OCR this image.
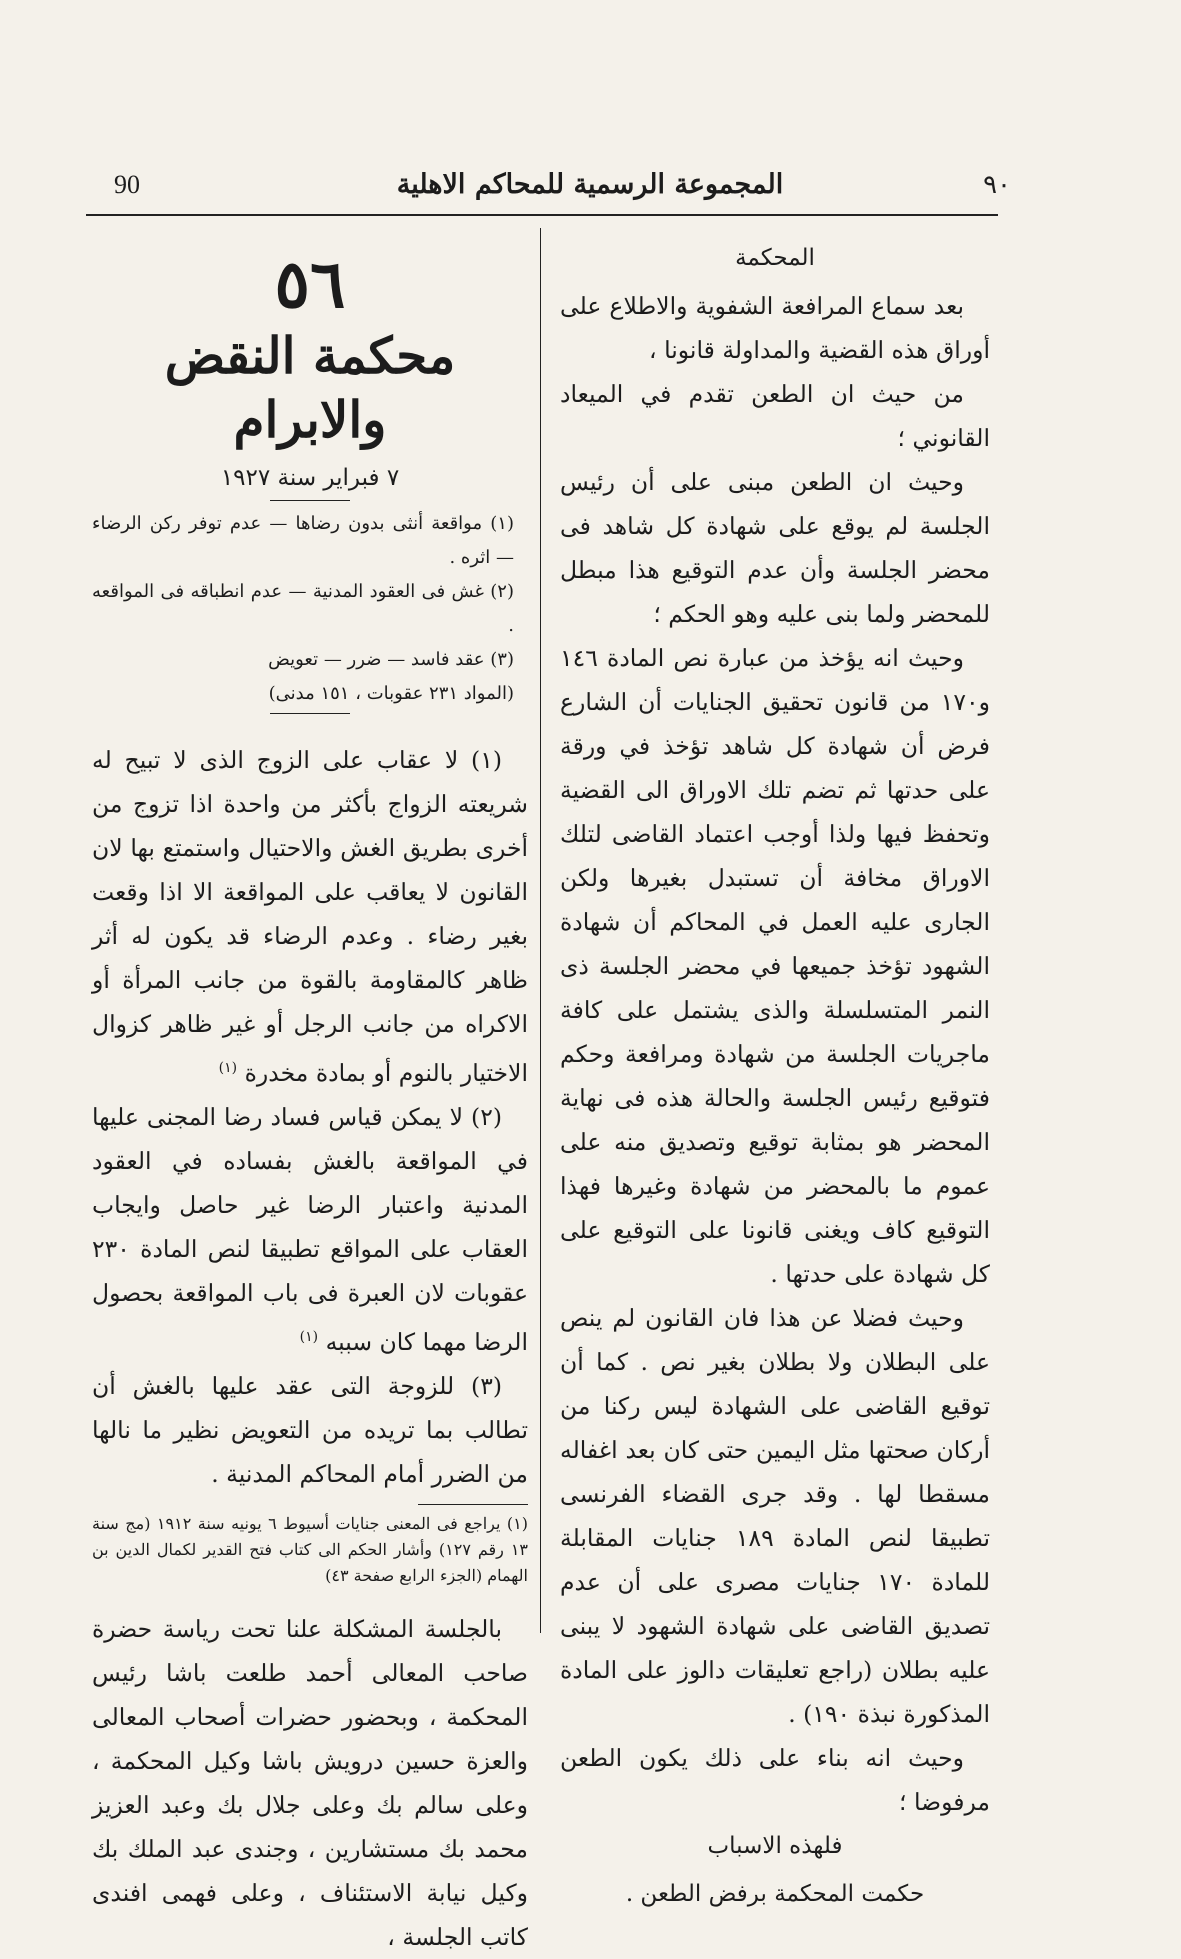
90	المجموعة الرسمية للمحاكم الاهلية	٩٠
المحكمة

بعد سماع المرافعة الشفوية والاطلاع على أوراق هذه القضية والمداولة قانونا ،

من حيث ان الطعن تقدم في الميعاد القانوني ؛

وحيث ان الطعن مبنى على أن رئيس الجلسة لم يوقع على شهادة كل شاهد فى محضر الجلسة وأن عدم التوقيع هذا مبطل للمحضر ولما بنى عليه وهو الحكم ؛

وحيث انه يؤخذ من عبارة نص المادة ١٤٦ و١٧٠ من قانون تحقيق الجنايات أن الشارع فرض أن شهادة كل شاهد تؤخذ في ورقة على حدتها ثم تضم تلك الاوراق الى القضية وتحفظ فيها ولذا أوجب اعتماد القاضى لتلك الاوراق مخافة أن تستبدل بغيرها ولكن الجارى عليه العمل في المحاكم أن شهادة الشهود تؤخذ جميعها في محضر الجلسة ذى النمر المتسلسلة والذى يشتمل على كافة ماجريات الجلسة من شهادة ومرافعة وحكم فتوقيع رئيس الجلسة والحالة هذه فى نهاية المحضر هو بمثابة توقيع وتصديق منه على عموم ما بالمحضر من شهادة وغيرها فهذا التوقيع كاف ويغنى قانونا على التوقيع على كل شهادة على حدتها .

وحيث فضلا عن هذا فان القانون لم ينص على البطلان ولا بطلان بغير نص . كما أن توقيع القاضى على الشهادة ليس ركنا من أركان صحتها مثل اليمين حتى كان بعد اغفاله مسقطا لها . وقد جرى القضاء الفرنسى تطبيقا لنص المادة ١٨٩ جنايات المقابلة للمادة ١٧٠ جنايات مصرى على أن عدم تصديق القاضى على شهادة الشهود لا يبنى عليه بطلان (راجع تعليقات دالوز على المادة المذكورة نبذة ١٩٠) .

وحيث انه بناء على ذلك يكون الطعن مرفوضا ؛

فلهذه الاسباب
حكمت المحكمة برفض الطعن .
٥٦
محكمة النقض والابرام
٧ فبراير سنة ١٩٢٧
(١) مواقعة أنثى بدون رضاها — عدم توفر ركن الرضاء — اثره .
(٢) غش فى العقود المدنية — عدم انطباقه فى المواقعه .
(٣) عقد فاسد — ضرر — تعويض
(المواد ٢٣١ عقوبات ، ١٥١ مدنى)

(١) لا عقاب على الزوج الذى لا تبيح له شريعته الزواج بأكثر من واحدة اذا تزوج من أخرى بطريق الغش والاحتيال واستمتع بها لان القانون لا يعاقب على المواقعة الا اذا وقعت بغير رضاء . وعدم الرضاء قد يكون له أثر ظاهر كالمقاومة بالقوة من جانب المرأة أو الاكراه من جانب الرجل أو غير ظاهر كزوال الاختيار بالنوم أو بمادة مخدرة $^{(١)}$

(٢) لا يمكن قياس فساد رضا المجنى عليها في المواقعة بالغش بفساده في العقود المدنية واعتبار الرضا غير حاصل وايجاب العقاب على المواقع تطبيقا لنص المادة ٢٣٠ عقوبات لان العبرة فى باب المواقعة بحصول الرضا مهما كان سببه $^{(١)}$

(٣) للزوجة التى عقد عليها بالغش أن تطالب بما تريده من التعويض نظير ما نالها من الضرر أمام المحاكم المدنية .

(١) يراجع فى المعنى جنايات أسيوط ٦ يونيه سنة ١٩١٢ (مج سنة ١٣ رقم ١٢٧) وأشار الحكم الى كتاب فتح القدير لكمال الدين بن الهمام (الجزء الرابع صفحة ٤٣)

بالجلسة المشكلة علنا تحت رياسة حضرة صاحب المعالى أحمد طلعت باشا رئيس المحكمة ، وبحضور حضرات أصحاب المعالى والعزة حسين درويش باشا وكيل المحكمة ، وعلى سالم بك وعلى جلال بك وعبد العزيز محمد بك مستشارين ، وجندى عبد الملك بك وكيل نيابة الاستئناف ، وعلى فهمى افندى كاتب الجلسة ،
